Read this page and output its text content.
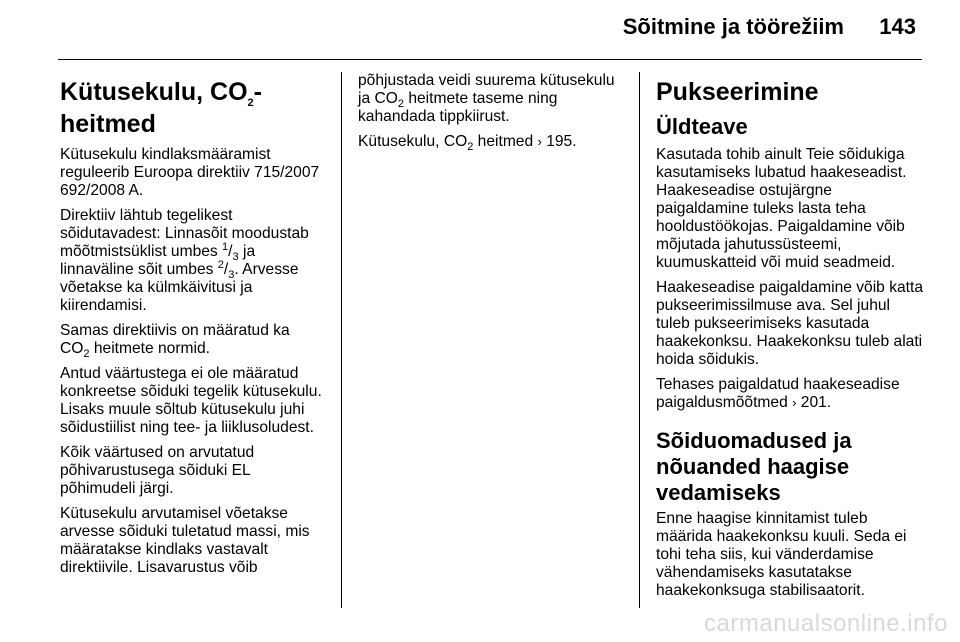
Sõitmine ja töörežiim 143
Kütusekulu, $CO_2$-heitmed

Kütusekulu kindlaksmääramist reguleerib Euroopa direktiiv 715/2007 692/2008 A.

Direktiiv lähtub tegelikest sõidutavadest: Linnasõit moodustab mõõtmistsüklist umbes $^1/_3$ ja linnaväline sõit umbes $^2/_3$. Arvesse võetakse ka külmkäivitusi ja kiirendamisi.

Samas direktiivis on määratud ka $CO_2$ heitmete normid.

Antud väärtustega ei ole määratud konkreetse sõiduki tegelik kütusekulu. Lisaks muule sõltub kütusekulu juhi sõidustiilist ning tee- ja liiklusoludest.

Kõik väärtused on arvutatud põhivarustusega sõiduki EL põhimudeli järgi.

Kütusekulu arvutamisel võetakse arvesse sõiduki tuletatud massi, mis määratakse kindlaks vastavalt direktiivile. Lisavarustus võib

põhjustada veidi suurema kütusekulu ja $CO_2$ heitmete taseme ning kahandada tippkiirust.

Kütusekulu, $CO_2$ heitmed › 195.

Pukseerimine
Üldteave

Kasutada tohib ainult Teie sõidukiga kasutamiseks lubatud haakeseadist. Haakeseadise ostujärgne paigaldamine tuleks lasta teha hooldustöökojas. Paigaldamine võib mõjutada jahutussüsteemi, kuumuskatteid või muid seadmeid.

Haakeseadise paigaldamine võib katta pukseerimissilmuse ava. Sel juhul tuleb pukseerimiseks kasutada haakekonksu. Haakekonksu tuleb alati hoida sõidukis.

Tehases paigaldatud haakeseadise paigaldusmõõtmed › 201.

Sõiduomadused ja nõuanded haagise vedamiseks

Enne haagise kinnitamist tuleb määrida haakekonksu kuuli. Seda ei tohi teha siis, kui vänderdamise vähendamiseks kasutatakse haakekonksuga stabilisaatorit.

carmanualsonline.info
